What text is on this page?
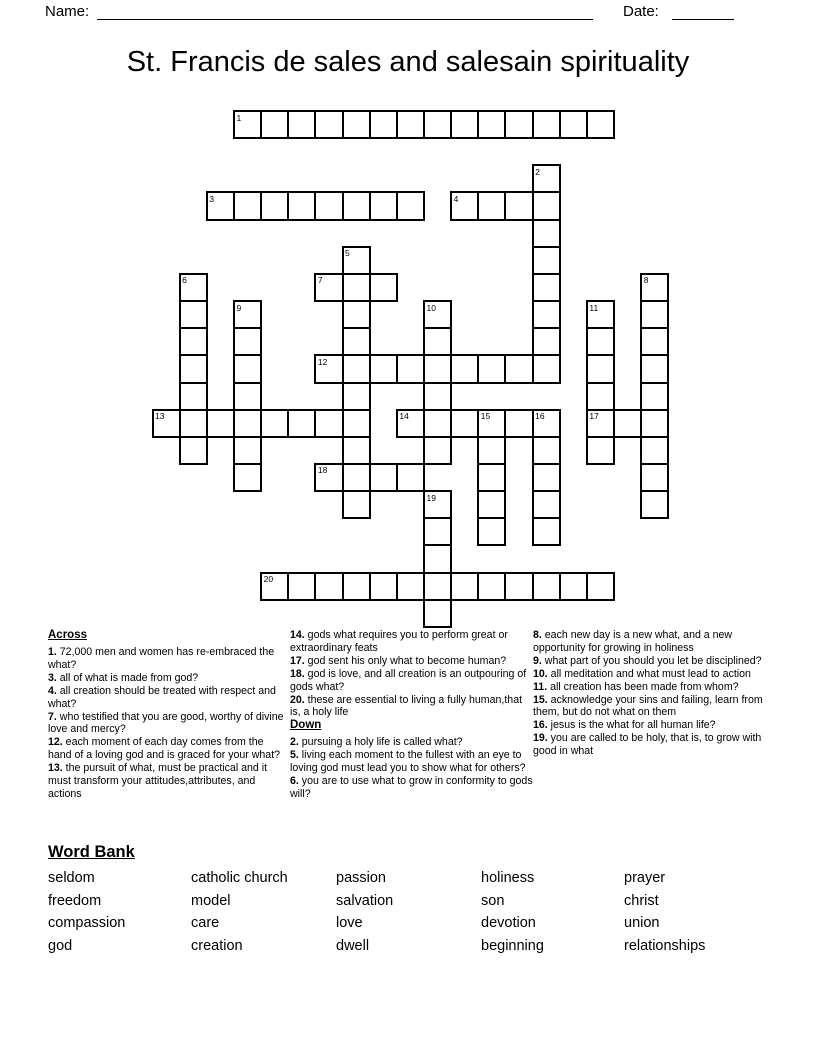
Name:	Date:
St. Francis de sales and salesain spirituality
1
2
3	4
5
6	7	8
9	10	11
12
13	14	15	16	17
18
19
20
Across
1. 72,000 men and women has re-embraced the what?
3. all of what is made from god?
4. all creation should be treated with respect and what?
7. who testified that you are good, worthy of divine love and mercy?
12. each moment of each day comes from the hand of a loving god and is graced for your what?
13. the pursuit of what, must be practical and it must transform your attitudes,attributes, and actions
14. gods what requires you to perform great or extraordinary feats
17. god sent his only what to become human?
18. god is love, and all creation is an outpouring of gods what?
20. these are essential to living a fully human,that is, a holy life
Down
2. pursuing a holy life is called what?
5. living each moment to the fullest with an eye to loving god must lead you to show what for others?
6. you are to use what to grow in conformity to gods will?
8. each new day is a new what, and a new opportunity for growing in holiness
9. what part of you should you let be disciplined?
10. all meditation and what must lead to action
11. all creation has been made from whom?
15. acknowledge your sins and failing, learn from them, but do not what on them
16. jesus is the what for all human life?
19. you are called to be holy, that is, to grow with good in what
Word Bank
seldom	catholic church	passion	holiness	prayer
freedom	model	salvation	son	christ
compassion	care	love	devotion	union
god	creation	dwell	beginning	relationships
